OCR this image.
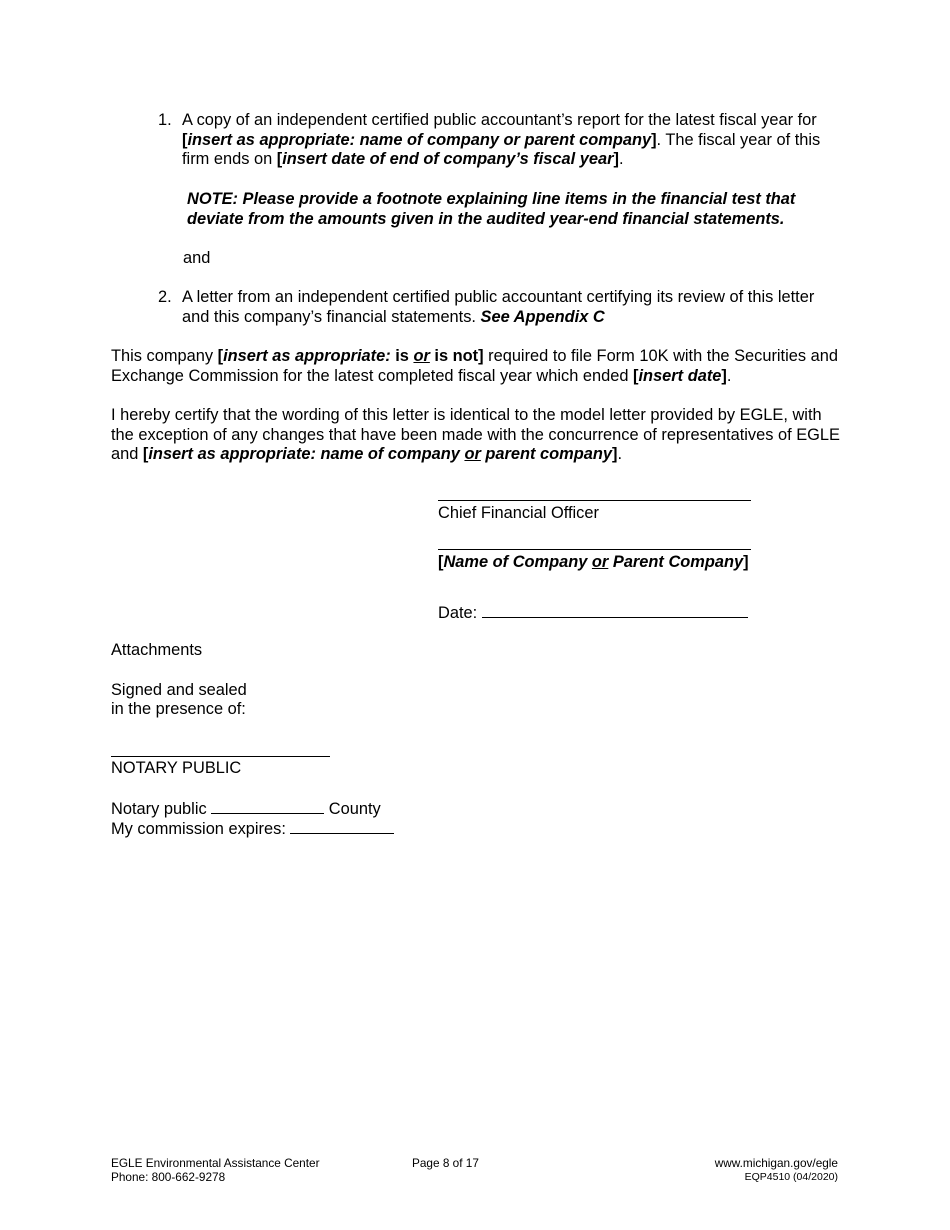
1. A copy of an independent certified public accountant’s report for the latest fiscal year for [insert as appropriate: name of company or parent company]. The fiscal year of this firm ends on [insert date of end of company’s fiscal year].

NOTE: Please provide a footnote explaining line items in the financial test that deviate from the amounts given in the audited year-end financial statements.

and

2. A letter from an independent certified public accountant certifying its review of this letter and this company’s financial statements. See Appendix C

This company [insert as appropriate: is or is not] required to file Form 10K with the Securities and Exchange Commission for the latest completed fiscal year which ended [insert date].

I hereby certify that the wording of this letter is identical to the model letter provided by EGLE, with the exception of any changes that have been made with the concurrence of representatives of EGLE and [insert as appropriate: name of company or parent company].

Chief Financial Officer

[Name of Company or Parent Company]

Date:

Attachments

Signed and sealed

in the presence of:

NOTARY PUBLIC

Notary public	County

My commission expires:

EGLE Environmental Assistance Center
Phone: 800-662-9278
Page 8 of 17	www.michigan.gov/egle
EQP4510 (04/2020)
